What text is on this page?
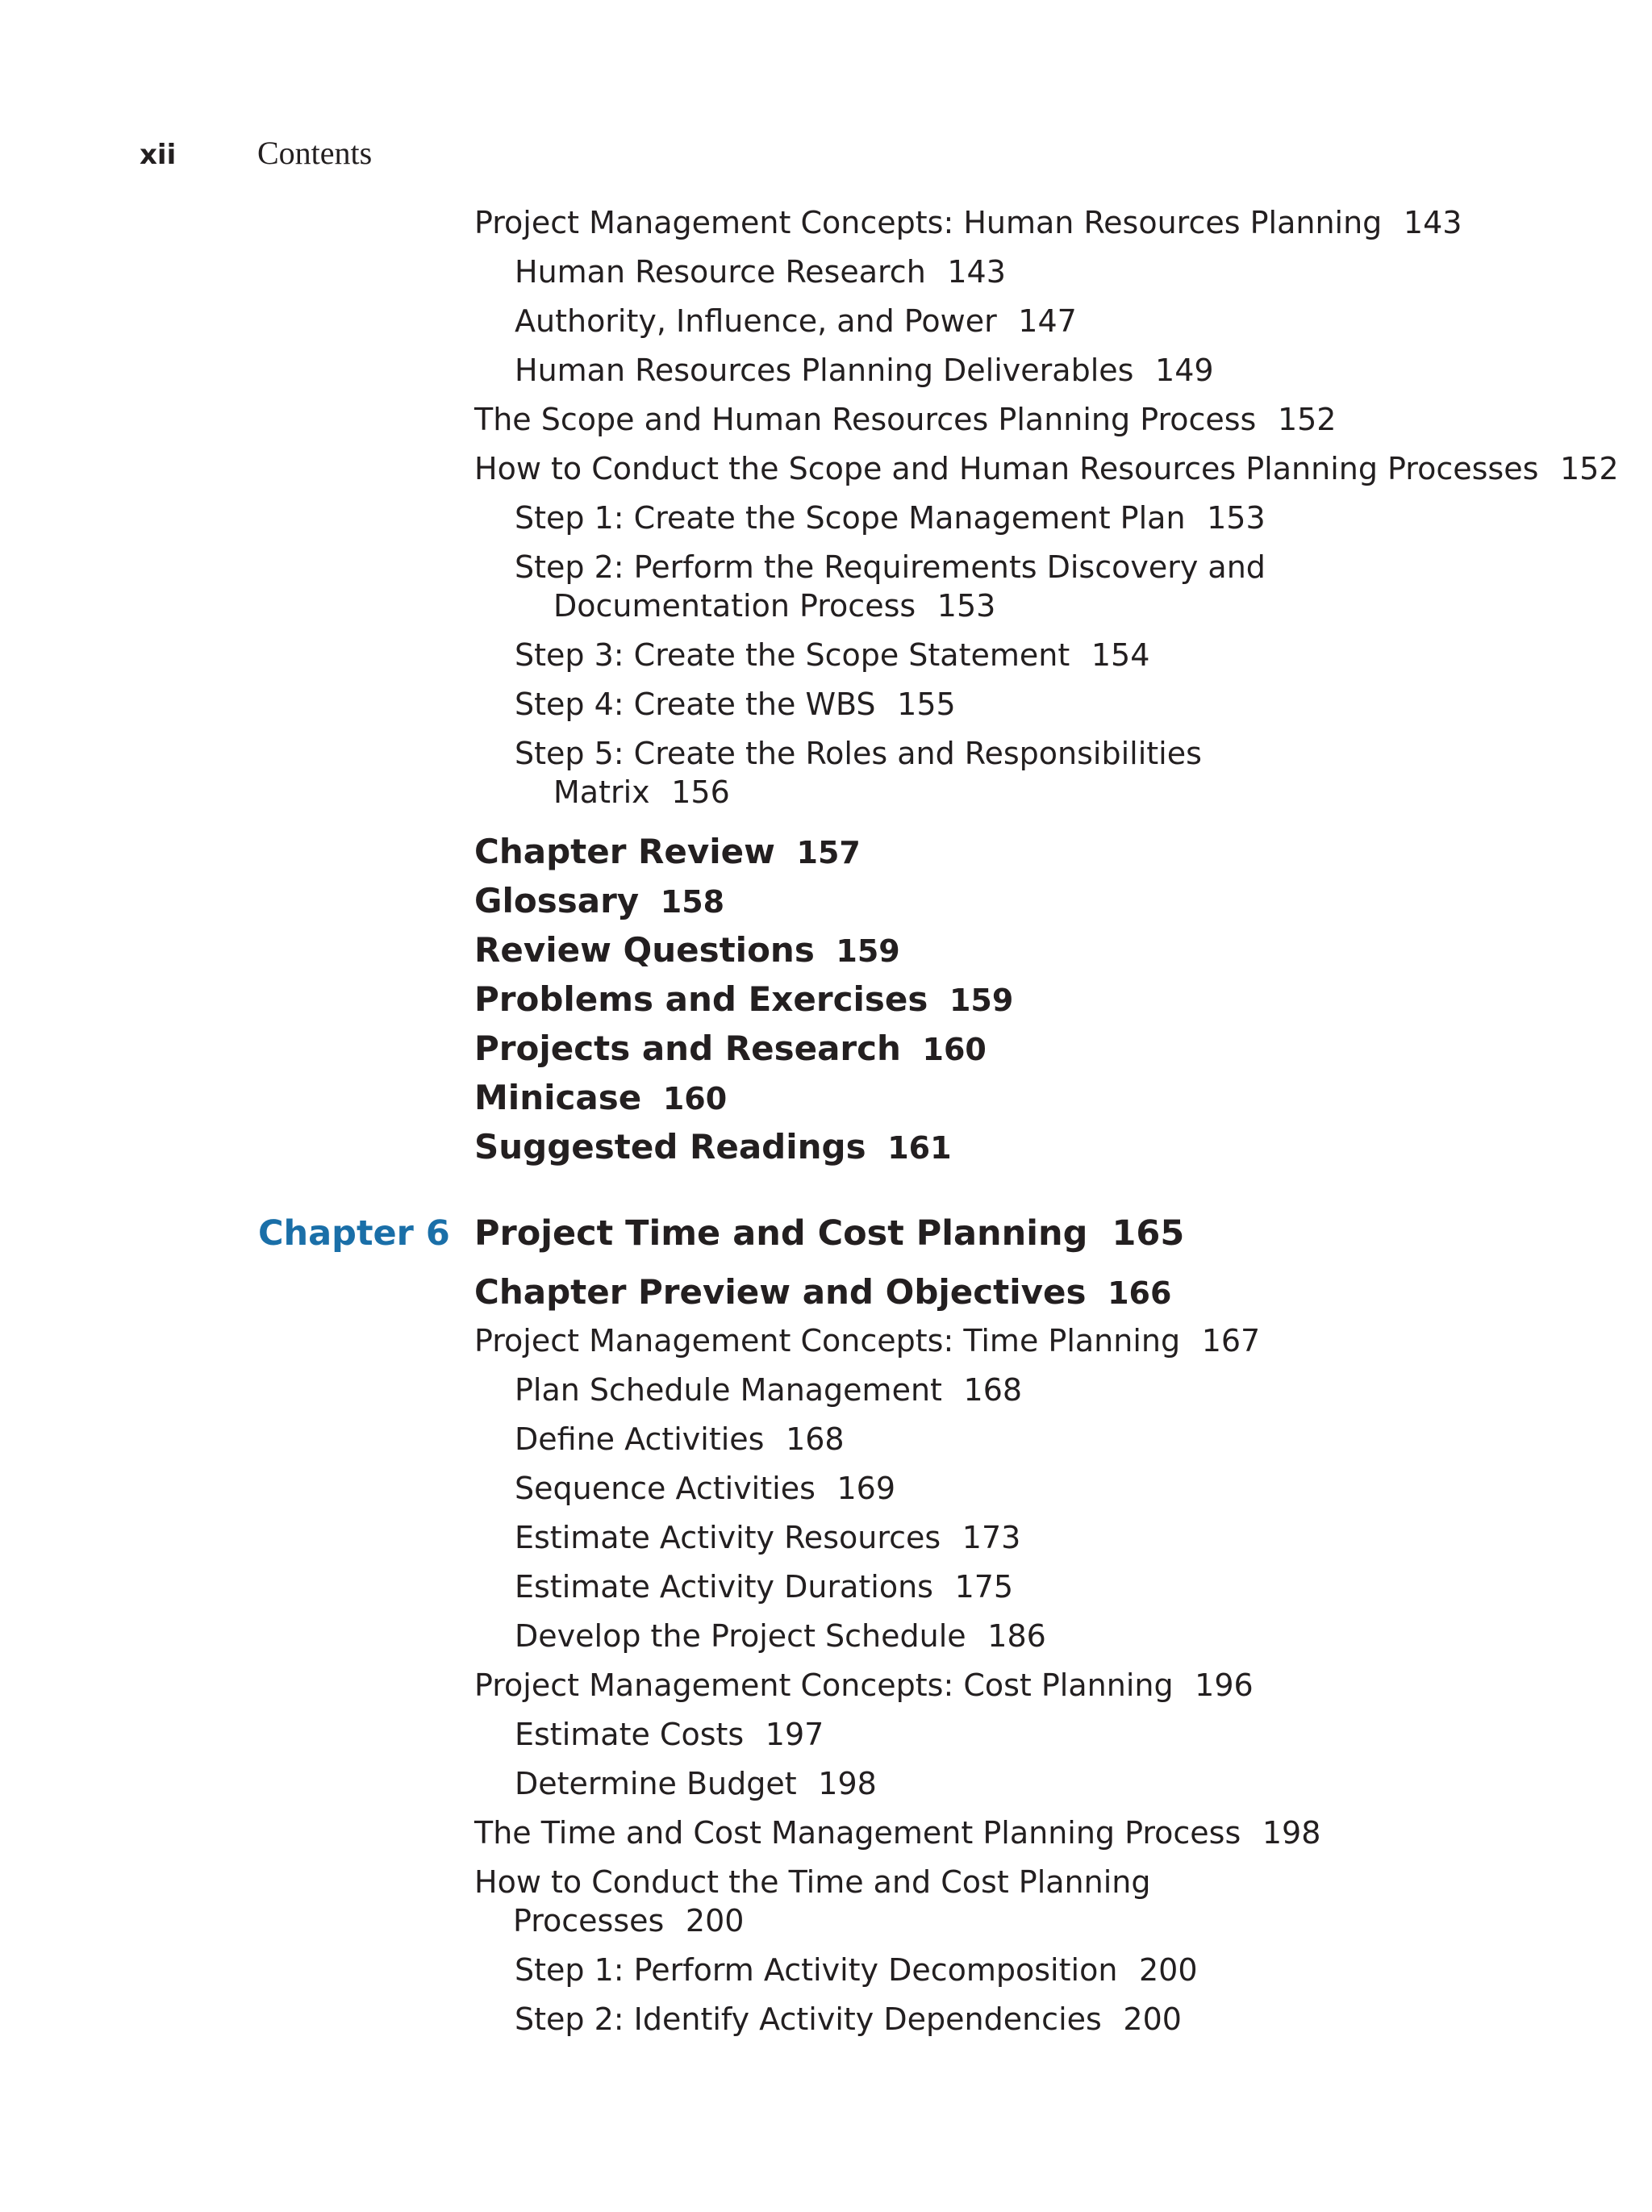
xii	Contents
Project Management Concepts: Human Resources Planning 143
Human Resource Research 143
Authority, Influence, and Power 147
Human Resources Planning Deliverables 149
The Scope and Human Resources Planning Process 152
How to Conduct the Scope and Human Resources Planning Processes 152
Step 1: Create the Scope Management Plan 153
Step 2: Perform the Requirements Discovery and
Documentation Process 153
Step 3: Create the Scope Statement 154
Step 4: Create the WBS 155
Step 5: Create the Roles and Responsibilities
Matrix 156
Chapter Review 157
Glossary 158
Review Questions 159
Problems and Exercises 159
Projects and Research 160
Minicase 160
Suggested Readings 161
Chapter 6 Project Time and Cost Planning 165
Chapter Preview and Objectives 166
Project Management Concepts: Time Planning 167
Plan Schedule Management 168
Define Activities 168
Sequence Activities 169
Estimate Activity Resources 173
Estimate Activity Durations 175
Develop the Project Schedule 186
Project Management Concepts: Cost Planning 196
Estimate Costs 197
Determine Budget 198
The Time and Cost Management Planning Process 198
How to Conduct the Time and Cost Planning
Processes 200
Step 1: Perform Activity Decomposition 200
Step 2: Identify Activity Dependencies 200
